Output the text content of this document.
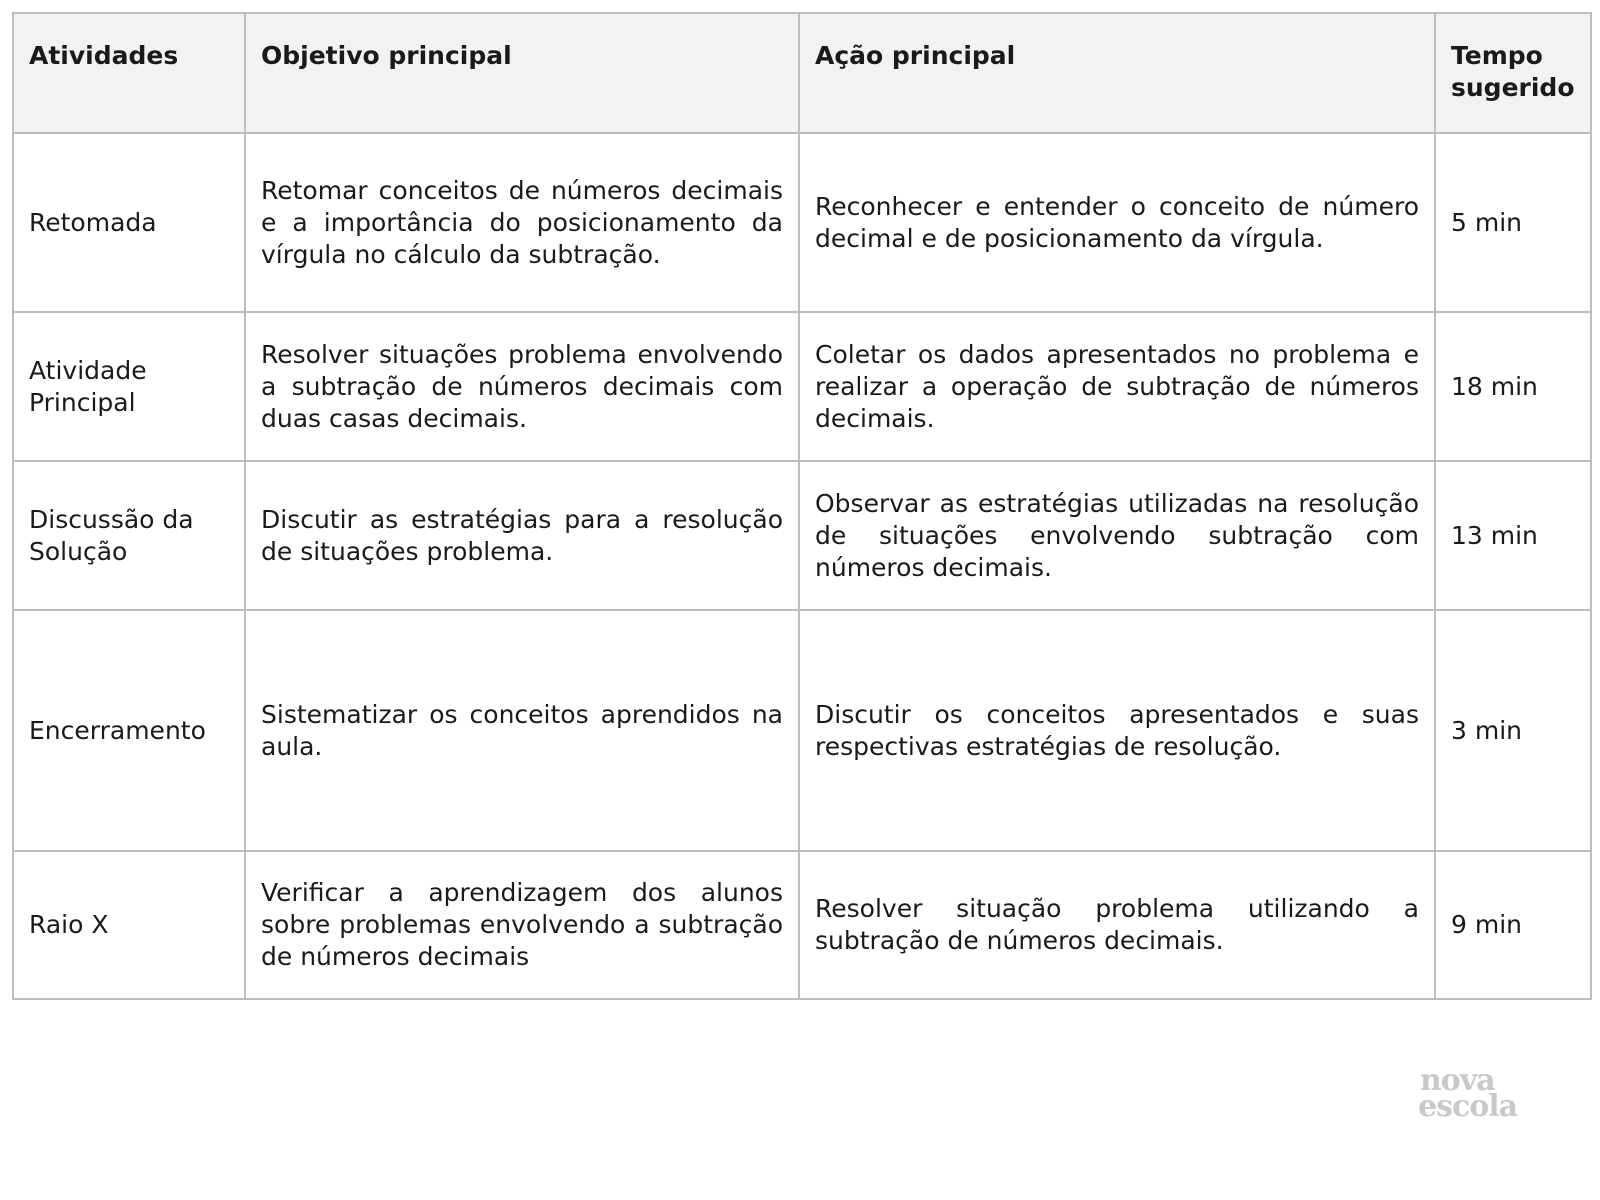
Atividades	Objetivo principal	Ação principal	Tempo sugerido
Retomada	Retomar conceitos de números decimais e a importância do posicionamento da vírgula no cálculo da subtração.	Reconhecer e entender o conceito de número decimal e de posicionamento da vírgula.	5 min
Atividade Principal	Resolver situações problema envolvendo a subtração de números decimais com duas casas decimais.	Coletar os dados apresentados no problema e realizar a operação de subtração de números decimais.	18 min
Discussão da Solução	Discutir as estratégias para a resolução de situações problema.	Observar as estratégias utilizadas na resolução de situações envolvendo subtração com números decimais.	13 min
Encerramento	Sistematizar os conceitos aprendidos na aula.	Discutir os conceitos apresentados e suas respectivas estratégias de resolução.	3 min
Raio X	Verificar a aprendizagem dos alunos sobre problemas envolvendo a subtração de números decimais	Resolver situação problema utilizando a subtração de números decimais.	9 min
nova
escola
